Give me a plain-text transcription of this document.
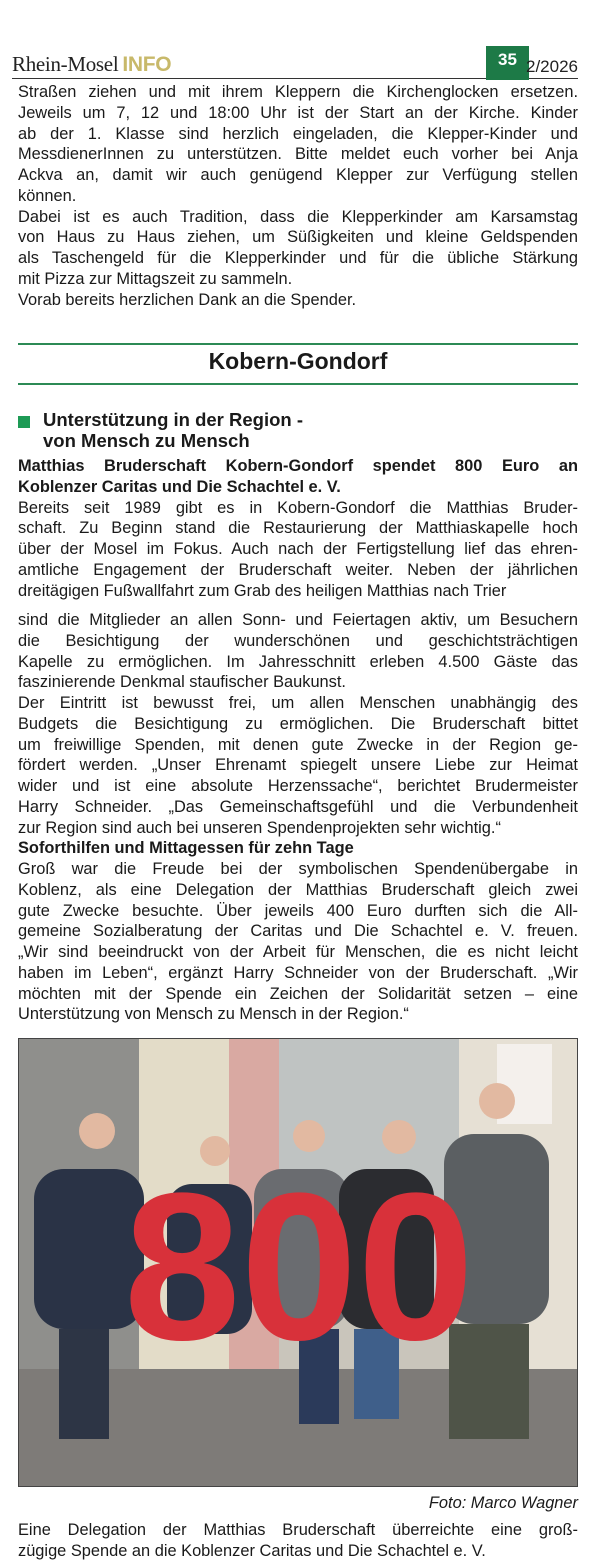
Rhein-Mosel INFO	35 2/2026
Straßen ziehen und mit ihrem Kleppern die Kirchenglocken ersetzen.
Jeweils um 7, 12 und 18:00 Uhr ist der Start an der Kirche. Kinder
ab der 1. Klasse sind herzlich eingeladen, die Klepper-Kinder und
MessdienerInnen zu unterstützen. Bitte meldet euch vorher bei Anja
Ackva an, damit wir auch genügend Klepper zur Verfügung stellen
können.
Dabei ist es auch Tradition, dass die Klepperkinder am Karsamstag
von Haus zu Haus ziehen, um Süßigkeiten und kleine Geldspenden
als Taschengeld für die Klepperkinder und für die übliche Stärkung
mit Pizza zur Mittagszeit zu sammeln.
Vorab bereits herzlichen Dank an die Spender.
Kobern-Gondorf
Unterstützung in der Region -
von Mensch zu Mensch
Matthias Bruderschaft Kobern-Gondorf spendet 800 Euro an
Koblenzer Caritas und Die Schachtel e. V.
Bereits seit 1989 gibt es in Kobern-Gondorf die Matthias Bruder-
schaft. Zu Beginn stand die Restaurierung der Matthiaskapelle hoch
über der Mosel im Fokus. Auch nach der Fertigstellung lief das ehren-
amtliche Engagement der Bruderschaft weiter. Neben der jährlichen
dreitägigen Fußwallfahrt zum Grab des heiligen Matthias nach Trier
sind die Mitglieder an allen Sonn- und Feiertagen aktiv, um Besuchern
die Besichtigung der wunderschönen und geschichtsträchtigen
Kapelle zu ermöglichen. Im Jahresschnitt erleben 4.500 Gäste das
faszinierende Denkmal staufischer Baukunst.
Der Eintritt ist bewusst frei, um allen Menschen unabhängig des
Budgets die Besichtigung zu ermöglichen. Die Bruderschaft bittet
um freiwillige Spenden, mit denen gute Zwecke in der Region ge-
fördert werden. „Unser Ehrenamt spiegelt unsere Liebe zur Heimat
wider und ist eine absolute Herzenssache“, berichtet Brudermeister
Harry Schneider. „Das Gemeinschaftsgefühl und die Verbundenheit
zur Region sind auch bei unseren Spendenprojekten sehr wichtig.“
Soforthilfen und Mittagessen für zehn Tage
Groß war die Freude bei der symbolischen Spendenübergabe in
Koblenz, als eine Delegation der Matthias Bruderschaft gleich zwei
gute Zwecke besuchte. Über jeweils 400 Euro durften sich die All-
gemeine Sozialberatung der Caritas und Die Schachtel e. V. freuen.
„Wir sind beeindruckt von der Arbeit für Menschen, die es nicht leicht
haben im Leben“, ergänzt Harry Schneider von der Bruderschaft. „Wir
möchten mit der Spende ein Zeichen der Solidarität setzen – eine
Unterstützung von Mensch zu Mensch in der Region.“
800
Foto: Marco Wagner
Eine Delegation der Matthias Bruderschaft überreichte eine groß-
zügige Spende an die Koblenzer Caritas und Die Schachtel e. V.
